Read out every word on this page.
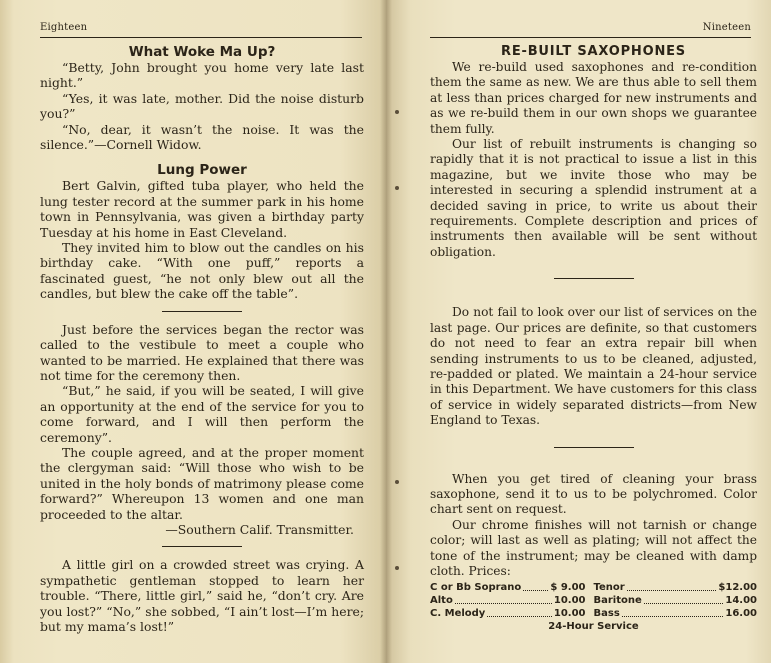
Eighteen
What Woke Ma Up?

“Betty, John brought you home very late last night.”

“Yes, it was late, mother. Did the noise disturb you?”

“No, dear, it wasn’t the noise. It was the silence.”—Cornell Widow.

Lung Power

Bert Galvin, gifted tuba player, who held the lung tester record at the summer park in his home town in Pennsylvania, was given a birthday party Tuesday at his home in East Cleveland.

They invited him to blow out the candles on his birthday cake. “With one puff,” reports a fascinated guest, “he not only blew out all the candles, but blew the cake off the table”.

Just before the services began the rector was called to the vestibule to meet a couple who wanted to be married. He explained that there was not time for the ceremony then.

“But,” he said, if you will be seated, I will give an opportunity at the end of the service for you to come forward, and I will then perform the ceremony”.

The couple agreed, and at the proper moment the clergyman said: “Will those who wish to be united in the holy bonds of matrimony please come forward?” Whereupon 13 women and one man proceeded to the altar.

—Southern Calif. Transmitter.

A little girl on a crowded street was crying. A sympathetic gentleman stopped to learn her trouble. “There, little girl,” said he, “don’t cry. Are you lost?” “No,” she sobbed, “I ain’t lost—I’m here; but my mama’s lost!”

Nineteen
RE-BUILT SAXOPHONES

We re-build used saxophones and re-condition them the same as new. We are thus able to sell them at less than prices charged for new instruments and as we re-build them in our own shops we guarantee them fully.

Our list of rebuilt instruments is changing so rapidly that it is not practical to issue a list in this magazine, but we invite those who may be interested in securing a splendid instrument at a decided saving in price, to write us about their requirements. Complete description and prices of instruments then available will be sent without obligation.

Do not fail to look over our list of services on the last page. Our prices are definite, so that customers do not need to fear an extra repair bill when sending instruments to us to be cleaned, adjusted, re-padded or plated. We maintain a 24-hour service in this Department. We have customers for this class of service in widely separated districts—from New England to Texas.

When you get tired of cleaning your brass saxophone, send it to us to be polychromed. Color chart sent on request.

Our chrome finishes will not tarnish or change color; will last as well as plating; will not affect the tone of the instrument; may be cleaned with damp cloth. Prices:

C or Bb Soprano	$ 9.00 Tenor	$12.00
Alto	10.00 Baritone	14.00
C. Melody	10.00 Bass	16.00
24-Hour Service
